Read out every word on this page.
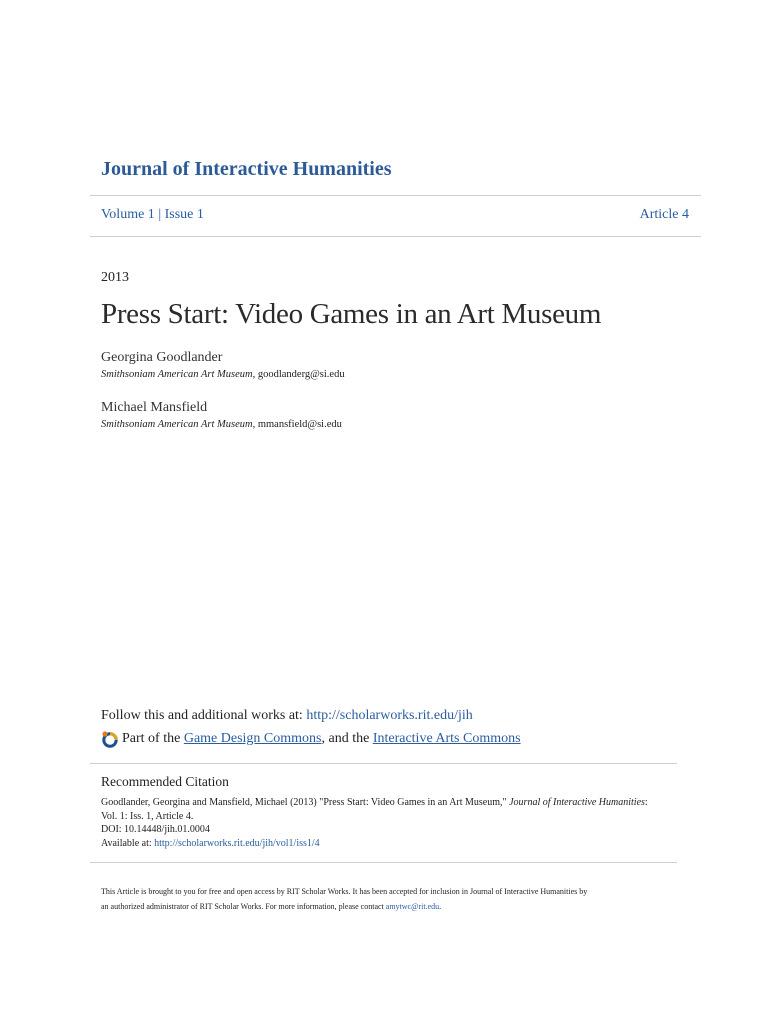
Journal of Interactive Humanities
Volume 1 | Issue 1	Article 4
2013
Press Start: Video Games in an Art Museum
Georgina Goodlander
Smithsoniam American Art Museum, goodlanderg@si.edu
Michael Mansfield
Smithsoniam American Art Museum, mmansfield@si.edu
Follow this and additional works at: http://scholarworks.rit.edu/jih
Part of the
Game Design Commons , and the
Interactive Arts Commons
Recommended Citation
Goodlander, Georgina and Mansfield, Michael (2013) "Press Start: Video Games in an Art Museum," Journal of Interactive Humanities:
Vol. 1: Iss. 1, Article 4.
DOI: 10.14448/jih.01.0004
Available at: http://scholarworks.rit.edu/jih/vol1/iss1/4
This Article is brought to you for free and open access by RIT Scholar Works. It has been accepted for inclusion in Journal of Interactive Humanities by
an authorized administrator of RIT Scholar Works. For more information, please contact amytwc@rit.edu.
